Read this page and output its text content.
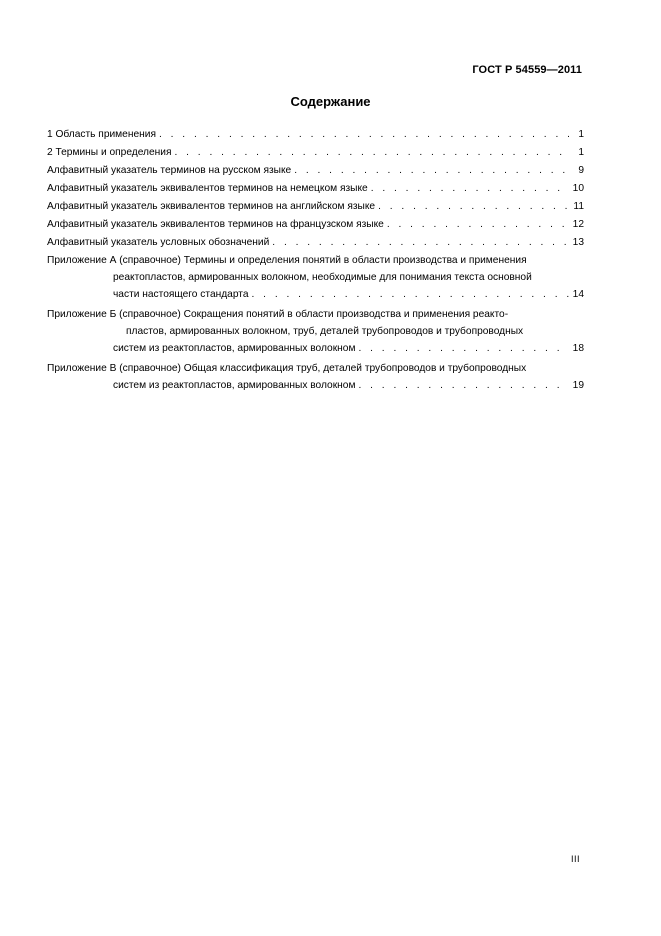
ГОСТ Р 54559—2011
Содержание
1 Область применения . . .	1
2 Термины и определения . . .	1
Алфавитный указатель терминов на русском языке . . .	9
Алфавитный указатель эквивалентов терминов на немецком языке . . .	10
Алфавитный указатель эквивалентов терминов на английском языке . . .	11
Алфавитный указатель эквивалентов терминов на французском языке . . .	12
Алфавитный указатель условных обозначений . . .	13
Приложение А (справочное) Термины и определения понятий в области производства и применения
реактопластов, армированных волокном, необходимые для понимания текста основной
части настоящего стандарта . . .	14
Приложение Б (справочное) Сокращения понятий в области производства и применения реакто-
пластов, армированных волокном, труб, деталей трубопроводов и трубопроводных
систем из реактопластов, армированных волокном . . .	18
Приложение В (справочное) Общая классификация труб, деталей трубопроводов и трубопроводных
систем из реактопластов, армированных волокном . . .	19
III
